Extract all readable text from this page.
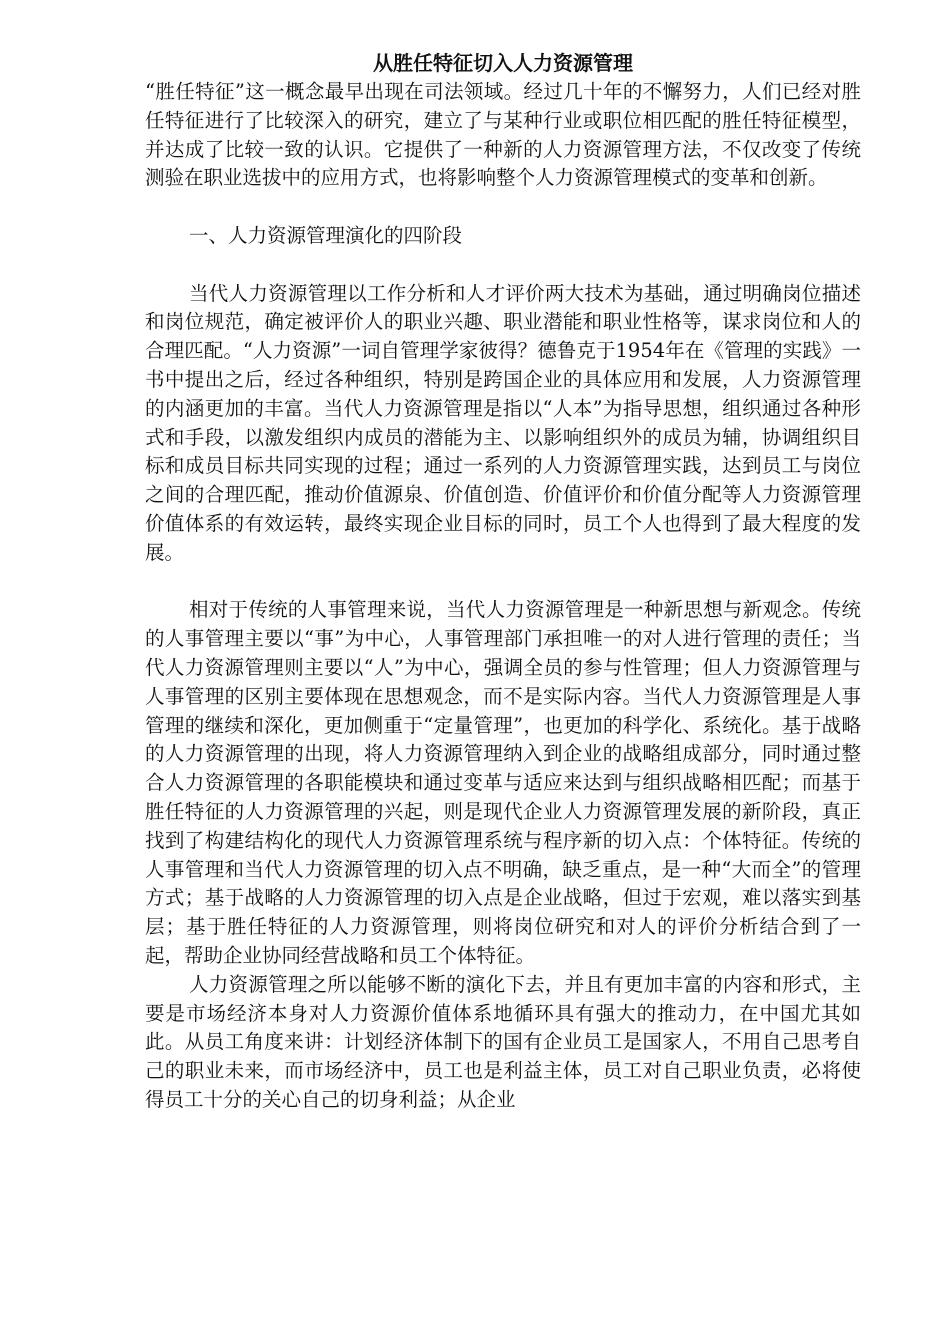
从胜任特征切入人力资源管理

“胜任特征”这一概念最早出现在司法领域。经过几十年的不懈努力，人们已经对胜任特征进行了比较深入的研究，建立了与某种行业或职位相匹配的胜任特征模型，并达成了比较一致的认识。它提供了一种新的人力资源管理方法，不仅改变了传统测验在职业选拔中的应用方式，也将影响整个人力资源管理模式的变革和创新。

一、人力资源管理演化的四阶段

当代人力资源管理以工作分析和人才评价两大技术为基础，通过明确岗位描述和岗位规范，确定被评价人的职业兴趣、职业潜能和职业性格等，谋求岗位和人的合理匹配。“人力资源”一词自管理学家彼得？德鲁克于1954年在《管理的实践》一书中提出之后，经过各种组织，特别是跨国企业的具体应用和发展，人力资源管理的内涵更加的丰富。当代人力资源管理是指以“人本”为指导思想，组织通过各种形式和手段，以激发组织内成员的潜能为主、以影响组织外的成员为辅，协调组织目标和成员目标共同实现的过程；通过一系列的人力资源管理实践，达到员工与岗位之间的合理匹配，推动价值源泉、价值创造、价值评价和价值分配等人力资源管理价值体系的有效运转，最终实现企业目标的同时，员工个人也得到了最大程度的发展。

相对于传统的人事管理来说，当代人力资源管理是一种新思想与新观念。传统的人事管理主要以“事”为中心，人事管理部门承担唯一的对人进行管理的责任；当代人力资源管理则主要以“人”为中心，强调全员的参与性管理；但人力资源管理与人事管理的区别主要体现在思想观念，而不是实际内容。当代人力资源管理是人事管理的继续和深化，更加侧重于“定量管理”，也更加的科学化、系统化。基于战略的人力资源管理的出现，将人力资源管理纳入到企业的战略组成部分，同时通过整合人力资源管理的各职能模块和通过变革与适应来达到与组织战略相匹配；而基于胜任特征的人力资源管理的兴起，则是现代企业人力资源管理发展的新阶段，真正找到了构建结构化的现代人力资源管理系统与程序新的切入点：个体特征。传统的人事管理和当代人力资源管理的切入点不明确，缺乏重点，是一种“大而全”的管理方式；基于战略的人力资源管理的切入点是企业战略，但过于宏观，难以落实到基层；基于胜任特征的人力资源管理，则将岗位研究和对人的评价分析结合到了一起，帮助企业协同经营战略和员工个体特征。

人力资源管理之所以能够不断的演化下去，并且有更加丰富的内容和形式，主要是市场经济本身对人力资源价值体系地循环具有强大的推动力，在中国尤其如此。从员工角度来讲：计划经济体制下的国有企业员工是国家人，不用自己思考自己的职业未来，而市场经济中，员工也是利益主体，员工对自己职业负责，必将使得员工十分的关心自己的切身利益；从企业
